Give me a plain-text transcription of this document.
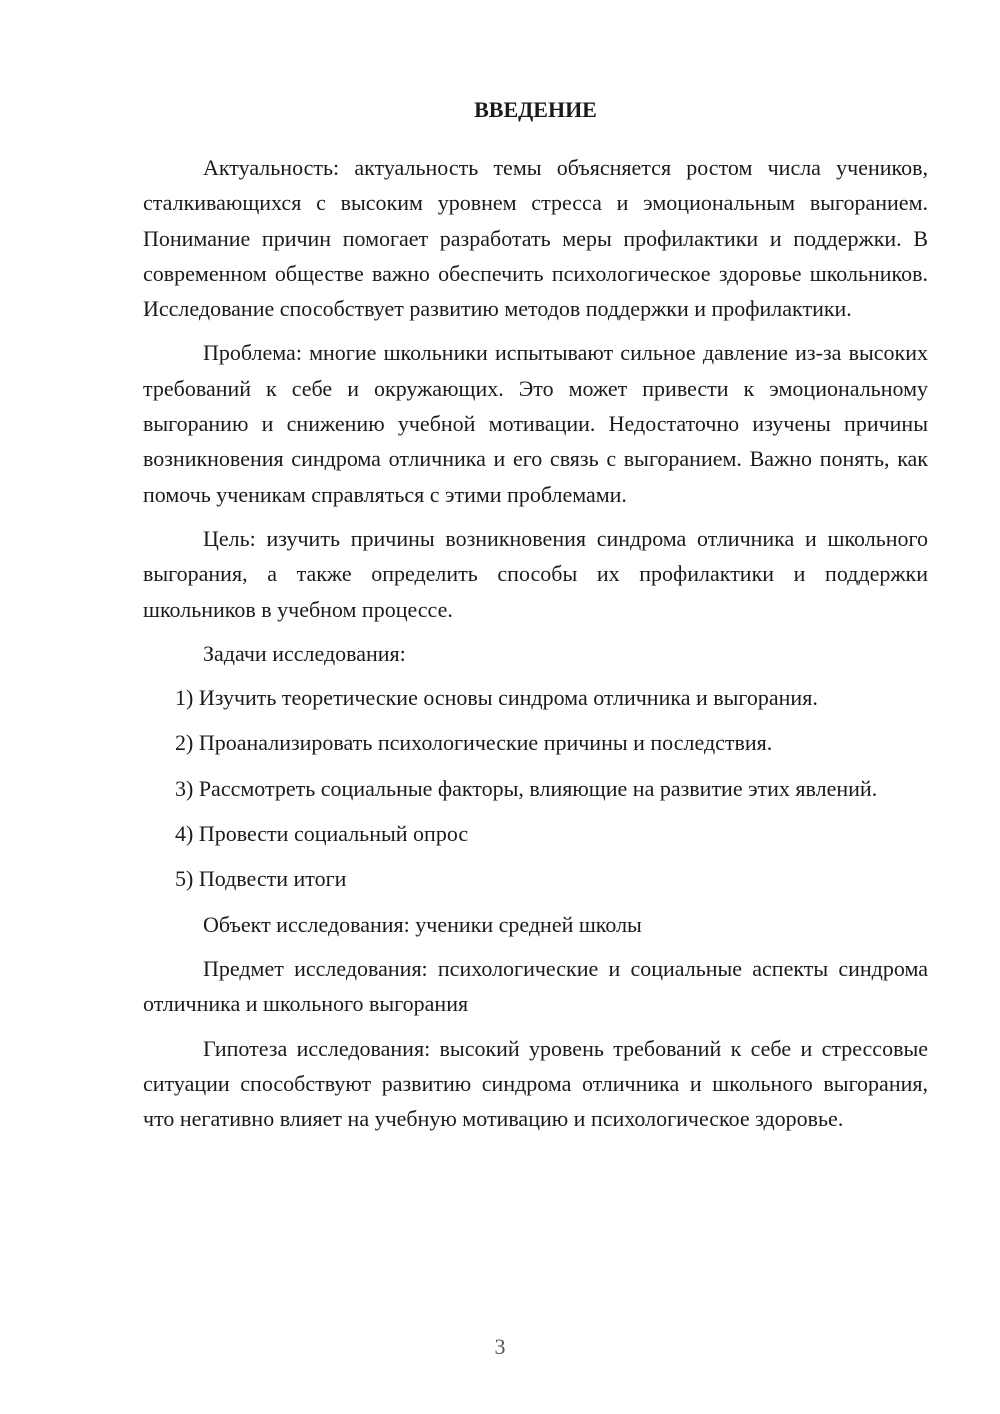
ВВЕДЕНИЕ

Актуальность: актуальность темы объясняется ростом числа учеников, сталкивающихся с высоким уровнем стресса и эмоциональным выгоранием. Понимание причин помогает разработать меры профилактики и поддержки. В современном обществе важно обеспечить психологическое здоровье школьников. Исследование способствует развитию методов поддержки и профилактики.

Проблема: многие школьники испытывают сильное давление из-за высоких требований к себе и окружающих. Это может привести к эмоциональному выгоранию и снижению учебной мотивации. Недостаточно изучены причины возникновения синдрома отличника и его связь с выгоранием. Важно понять, как помочь ученикам справляться с этими проблемами.

Цель: изучить причины возникновения синдрома отличника и школьного выгорания, а также определить способы их профилактики и поддержки школьников в учебном процессе.

Задачи исследования:

1) Изучить теоретические основы синдрома отличника и выгорания.

2) Проанализировать психологические причины и последствия.

3) Рассмотреть социальные факторы, влияющие на развитие этих явлений.

4) Провести социальный опрос

5) Подвести итоги

Объект исследования: ученики средней школы

Предмет исследования: психологические и социальные аспекты синдрома отличника и школьного выгорания

Гипотеза исследования: высокий уровень требований к себе и стрессовые ситуации способствуют развитию синдрома отличника и школьного выгорания, что негативно влияет на учебную мотивацию и психологическое здоровье.

3
